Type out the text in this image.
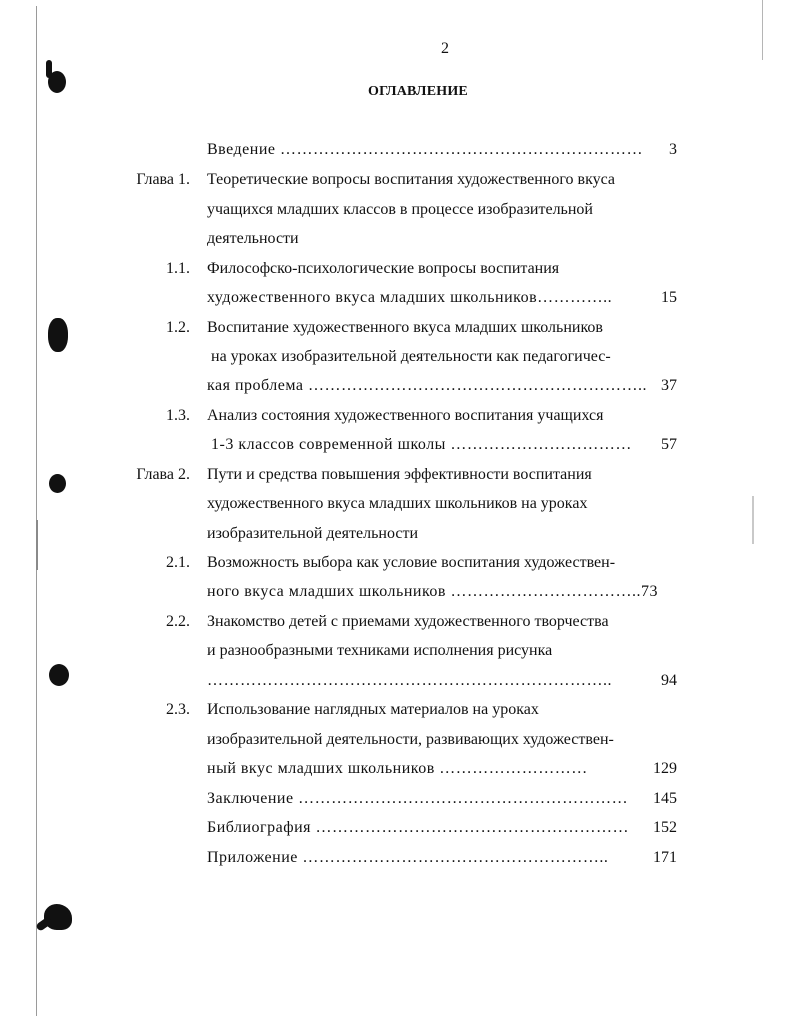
2
ОГЛАВЛЕНИЕ
Введение ………………………………………………………… 3
Глава 1. Теоретические вопросы воспитания художественного вкуса
учащихся младших классов в процессе изобразительной
деятельности
1.1. Философско-психологические вопросы воспитания
художественного вкуса младших школьников…………..	15
1.2. Воспитание художественного вкуса младших школьников
на уроках изобразительной деятельности как педагогичес-
кая проблема …………………………………………………….. 37
1.3. Анализ состояния художественного воспитания учащихся
1-3 классов современной школы …………………………… 57
Глава 2. Пути и средства повышения эффективности воспитания
художественного вкуса младших школьников на уроках
изобразительной деятельности
2.1. Возможность выбора как условие воспитания художествен-
ного вкуса младших школьников ……………………………..73
2.2. Знакомство детей с приемами художественного творчества
и разнообразными техниками исполнения рисунка
………………………………………………………………..	94
2.3. Использование наглядных материалов на уроках
изобразительной деятельности, развивающих художествен-
ный вкус младших школьников ………………………	129
Заключение …………………………………………………… 145
Библиография ………………………………………………… 152
Приложение ………………………………………………..	171
